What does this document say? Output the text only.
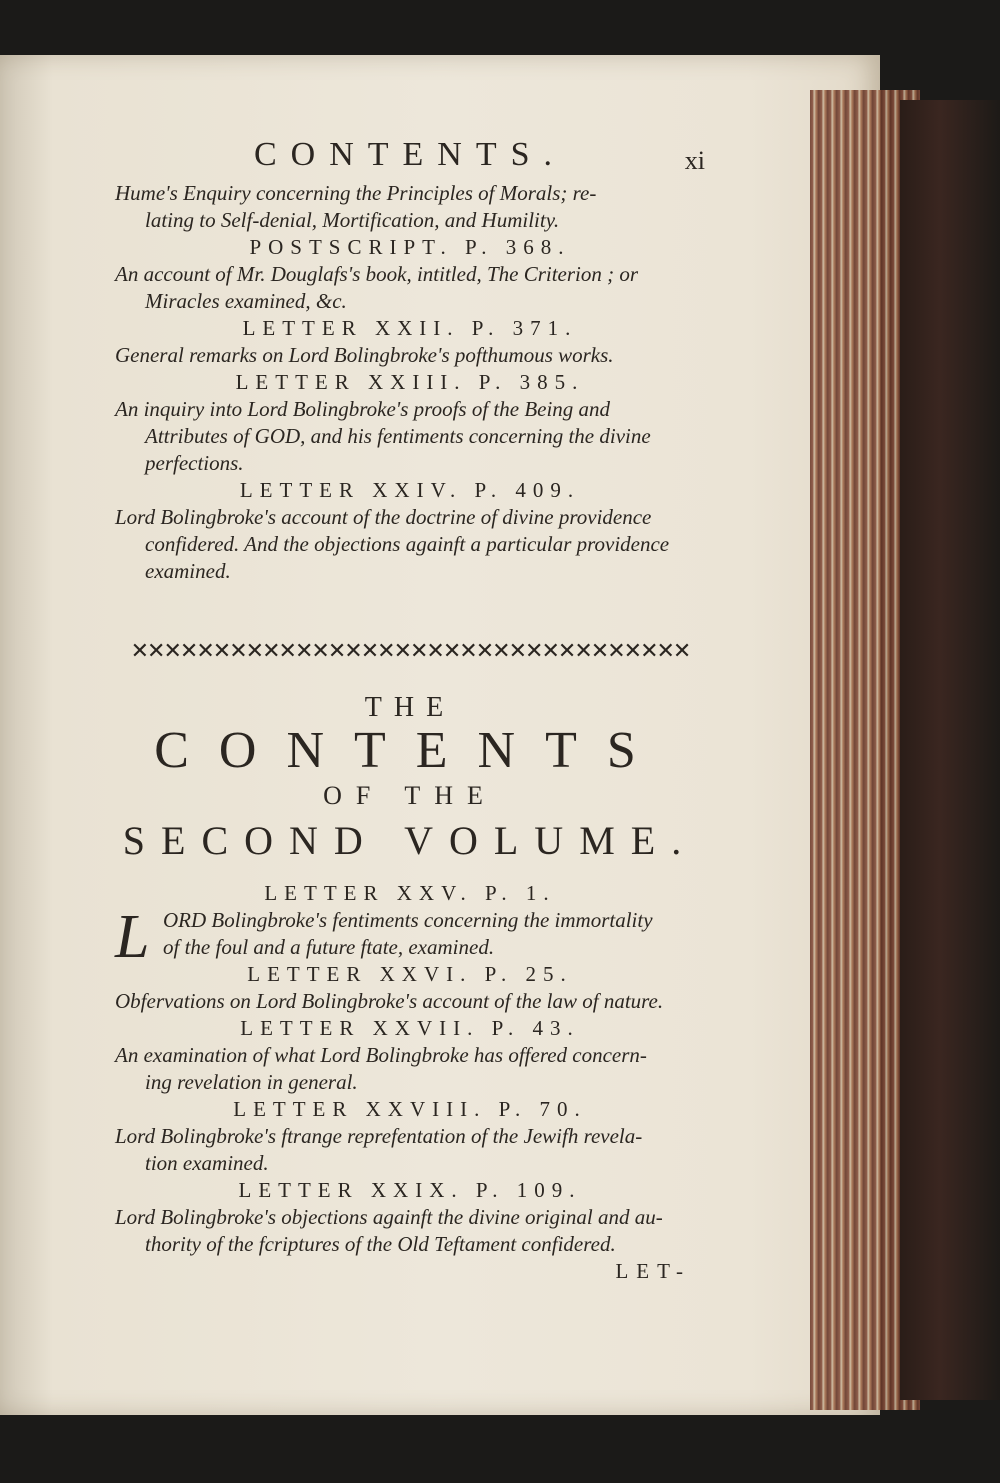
CONTENTS.	xi
Hume's Enquiry concerning the Principles of Morals; re-
lating to Self-denial, Mortification, and Humility.
POSTSCRIPT. P. 368.
An account of Mr. Douglafs's book, intitled, The Criterion ; or
Miracles examined, &c.
LETTER XXII. P. 371.
General remarks on Lord Bolingbroke's pofthumous works.
LETTER XXIII. P. 385.
An inquiry into Lord Bolingbroke's proofs of the Being and
Attributes of GOD, and his fentiments concerning the divine
perfections.
LETTER XXIV. P. 409.
Lord Bolingbroke's account of the doctrine of divine providence
confidered. And the objections againft a particular providence
examined.
✕✕✕✕✕✕✕✕✕✕✕✕✕✕✕✕✕✕✕✕✕✕✕✕✕✕✕✕✕✕✕✕✕✕
THE
CONTENTS
OF THE
SECOND VOLUME.
LETTER XXV. P. 1.
L ORD Bolingbroke's fentiments concerning the immortality
of the foul and a future ftate, examined.
LETTER XXVI. P. 25.
Obfervations on Lord Bolingbroke's account of the law of nature.
LETTER XXVII. P. 43.
An examination of what Lord Bolingbroke has offered concern-
ing revelation in general.
LETTER XXVIII. P. 70.
Lord Bolingbroke's ftrange reprefentation of the Jewifh revela-
tion examined.
LETTER XXIX. P. 109.
Lord Bolingbroke's objections againft the divine original and au-
thority of the fcriptures of the Old Teftament confidered.
LET-
